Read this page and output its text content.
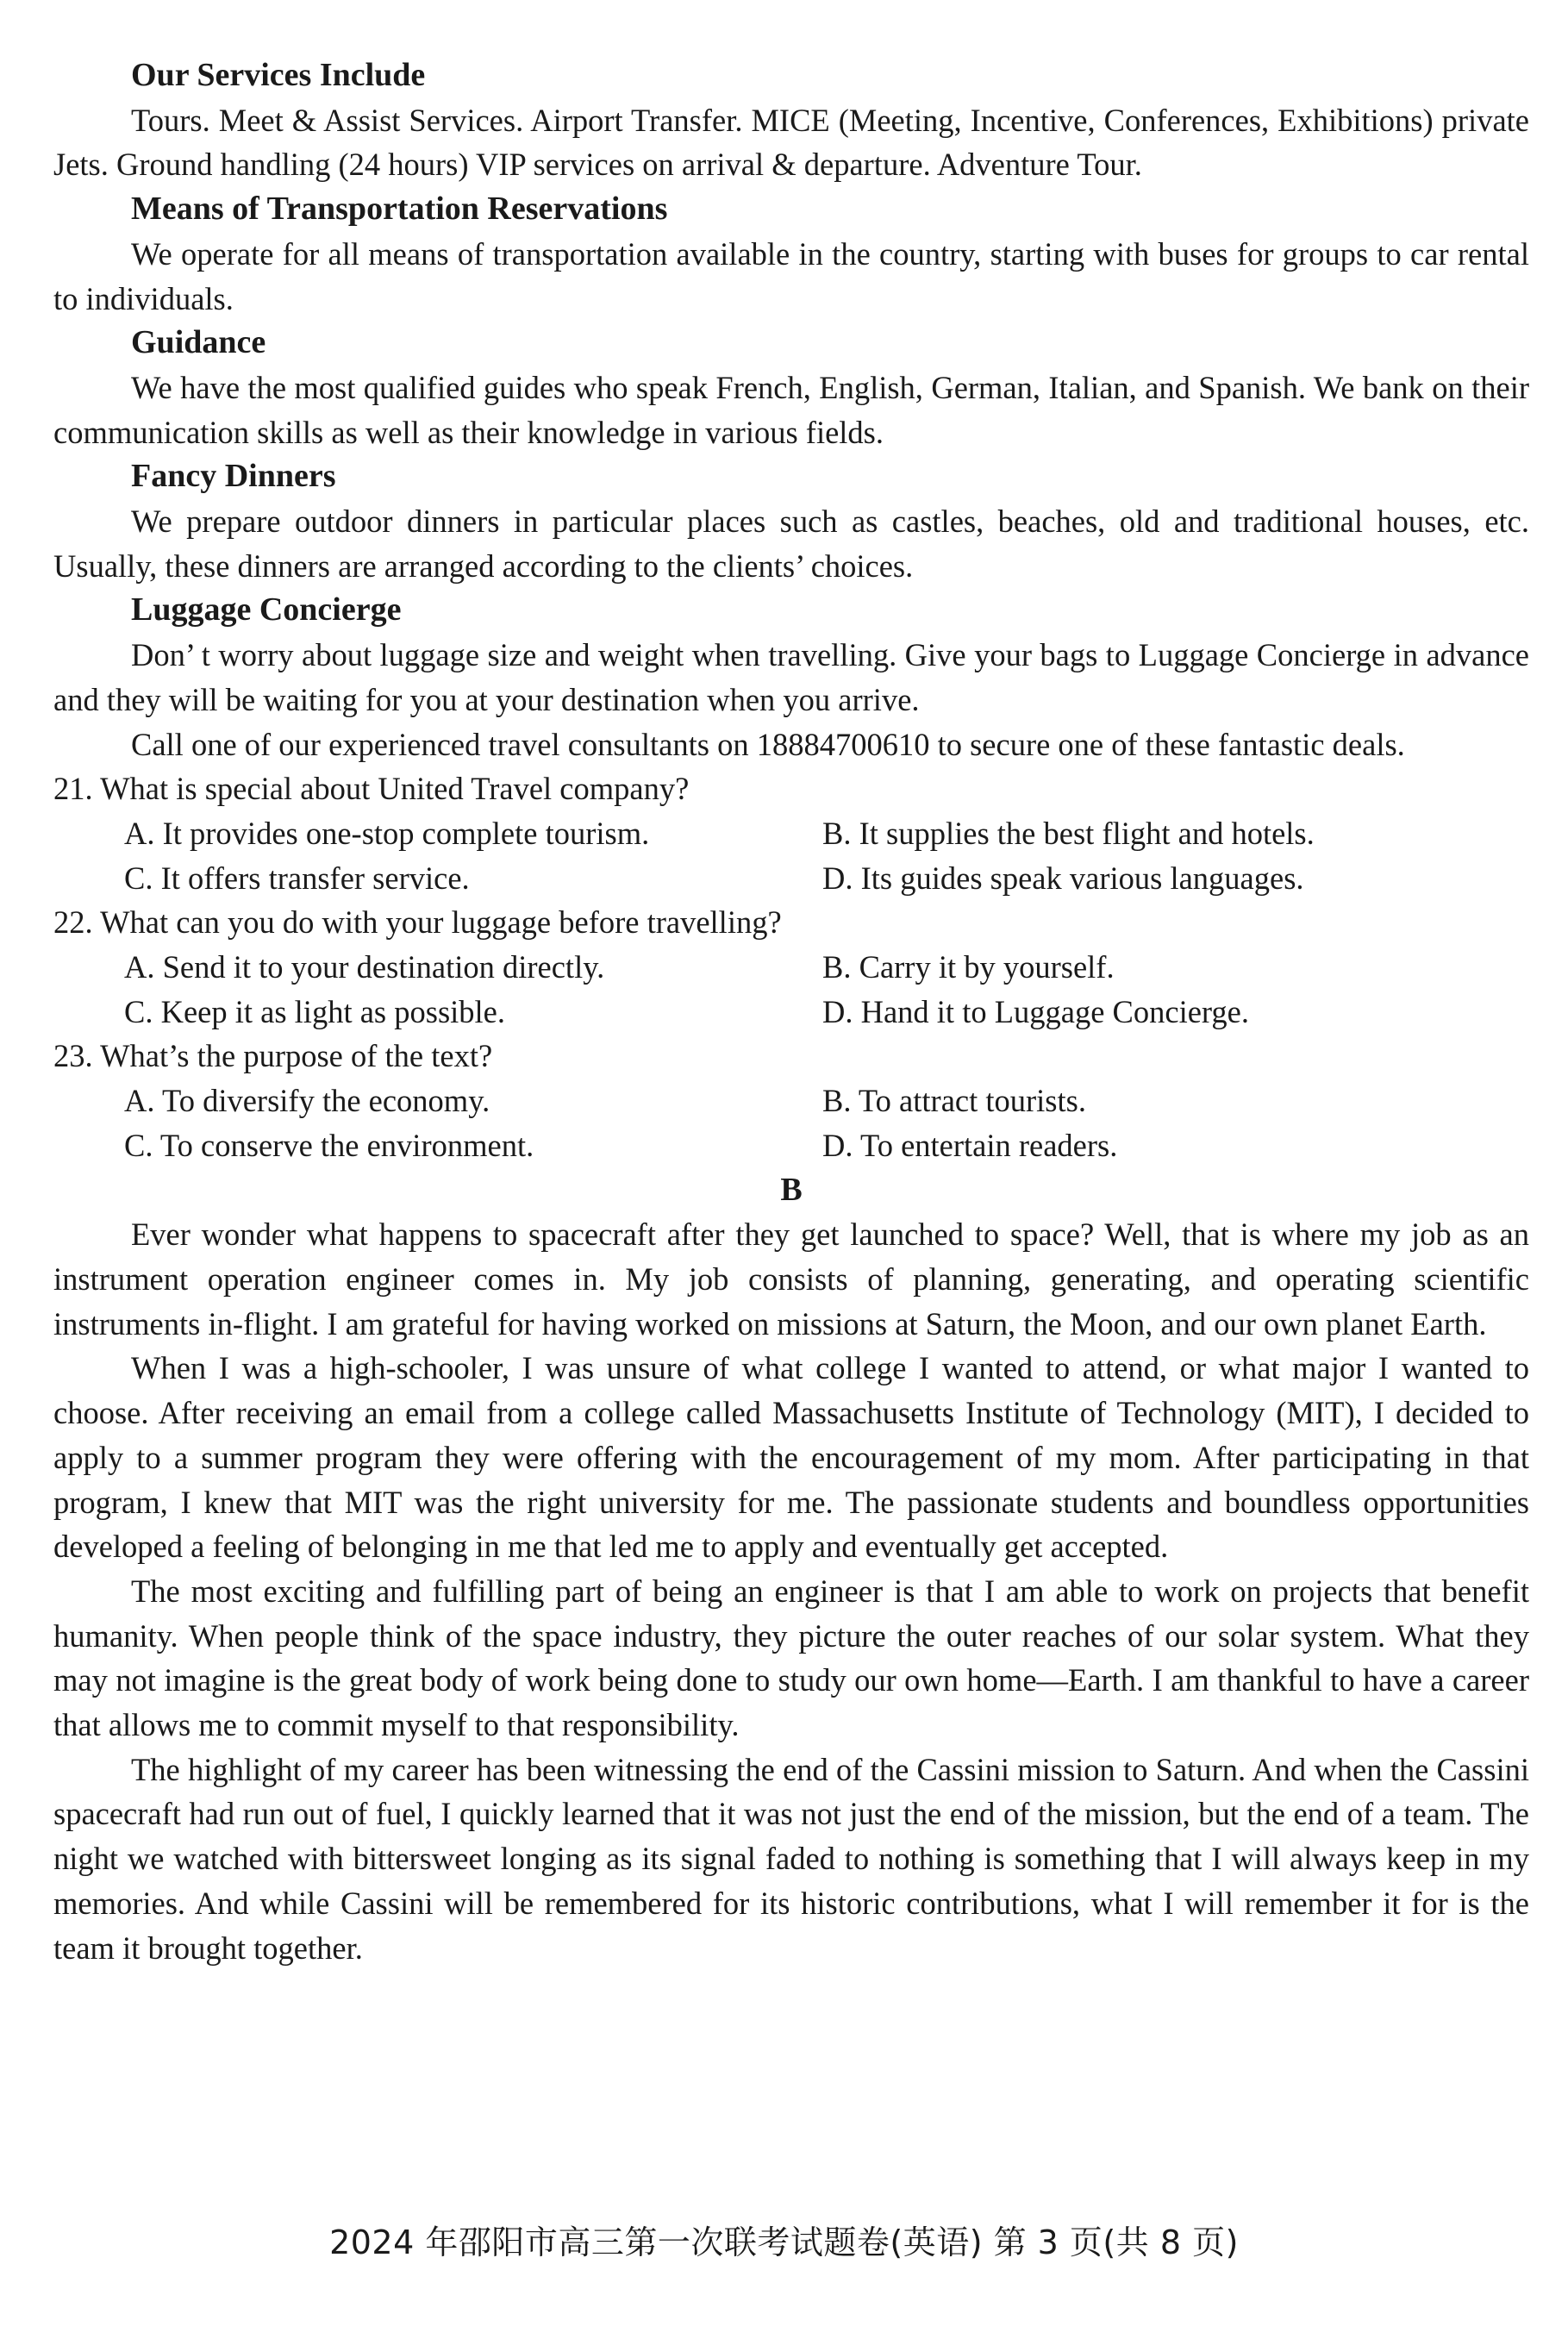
Our Services Include

Tours. Meet & Assist Services. Airport Transfer. MICE (Meeting, Incentive, Conferences, Exhibitions) private Jets. Ground handling (24 hours) VIP services on arrival & departure. Adventure Tour.

Means of Transportation Reservations

We operate for all means of transportation available in the country, starting with buses for groups to car rental to individuals.

Guidance

We have the most qualified guides who speak French, English, German, Italian, and Spanish. We bank on their communication skills as well as their knowledge in various fields.

Fancy Dinners

We prepare outdoor dinners in particular places such as castles, beaches, old and traditional houses, etc. Usually, these dinners are arranged according to the clients’ choices.

Luggage Concierge

Don’ t worry about luggage size and weight when travelling. Give your bags to Luggage Concierge in advance and they will be waiting for you at your destination when you arrive.

Call one of our experienced travel consultants on 18884700610 to secure one of these fantastic deals.

21. What is special about United Travel company?

A. It provides one-stop complete tourism.	B. It supplies the best flight and hotels.
C. It offers transfer service.	D. Its guides speak various languages.

22. What can you do with your luggage before travelling?

A. Send it to your destination directly.	B. Carry it by yourself.
C. Keep it as light as possible.	D. Hand it to Luggage Concierge.

23. What’s the purpose of the text?

A. To diversify the economy.	B. To attract tourists.
C. To conserve the environment.	D. To entertain readers.

B

Ever wonder what happens to spacecraft after they get launched to space? Well, that is where my job as an instrument operation engineer comes in. My job consists of planning, generating, and operating scientific instruments in-flight. I am grateful for having worked on missions at Saturn, the Moon, and our own planet Earth.

When I was a high-schooler, I was unsure of what college I wanted to attend, or what major I wanted to choose. After receiving an email from a college called Massachusetts Institute of Technology (MIT), I decided to apply to a summer program they were offering with the encouragement of my mom. After participating in that program, I knew that MIT was the right university for me. The passionate students and boundless opportunities developed a feeling of belonging in me that led me to apply and eventually get accepted.

The most exciting and fulfilling part of being an engineer is that I am able to work on projects that benefit humanity. When people think of the space industry, they picture the outer reaches of our solar system. What they may not imagine is the great body of work being done to study our own home—Earth. I am thankful to have a career that allows me to commit myself to that responsibility.

The highlight of my career has been witnessing the end of the Cassini mission to Saturn. And when the Cassini spacecraft had run out of fuel, I quickly learned that it was not just the end of the mission, but the end of a team. The night we watched with bittersweet longing as its signal faded to nothing is something that I will always keep in my memories. And while Cassini will be remembered for its historic contributions, what I will remember it for is the team it brought together.

2024 年邵阳市高三第一次联考试题卷(英语) 第 3 页(共 8 页)
